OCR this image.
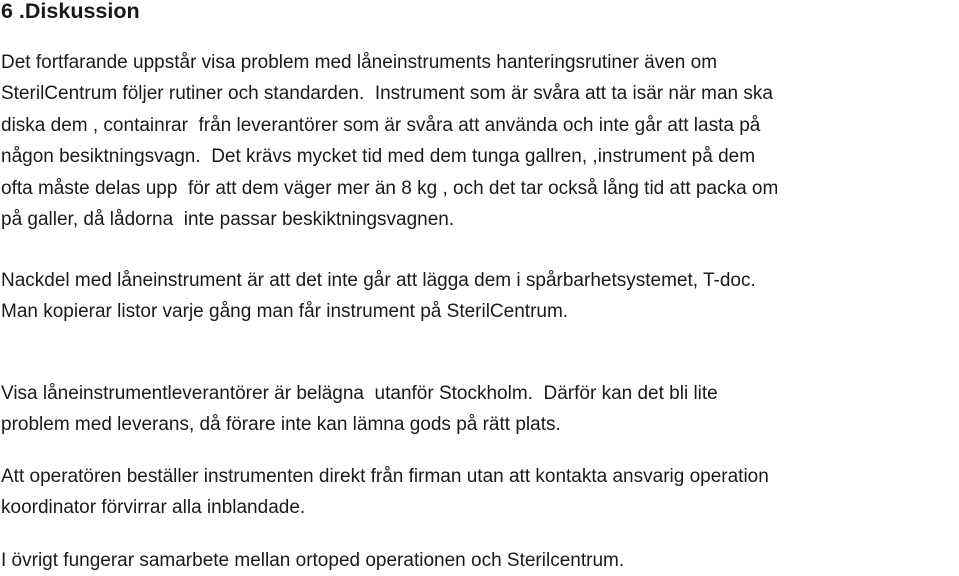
6 .Diskussion
Det fortfarande uppstår visa problem med låneinstruments hanteringsrutiner även om
SterilCentrum följer rutiner och standarden.  Instrument som är svåra att ta isär när man ska
diska dem , containrar  från leverantörer som är svåra att använda och inte går att lasta på
någon besiktningsvagn.  Det krävs mycket tid med dem tunga gallren, ,instrument på dem
ofta måste delas upp  för att dem väger mer än 8 kg , och det tar också lång tid att packa om
på galler, då lådorna  inte passar beskiktningsvagnen.
Nackdel med låneinstrument är att det inte går att lägga dem i spårbarhetsystemet, T-doc.
Man kopierar listor varje gång man får instrument på SterilCentrum.
Visa låneinstrumentleverantörer är belägna  utanför Stockholm.  Därför kan det bli lite
problem med leverans, då förare inte kan lämna gods på rätt plats.
Att operatören beställer instrumenten direkt från firman utan att kontakta ansvarig operation
koordinator förvirrar alla inblandade.
I övrigt fungerar samarbete mellan ortoped operationen och Sterilcentrum.
